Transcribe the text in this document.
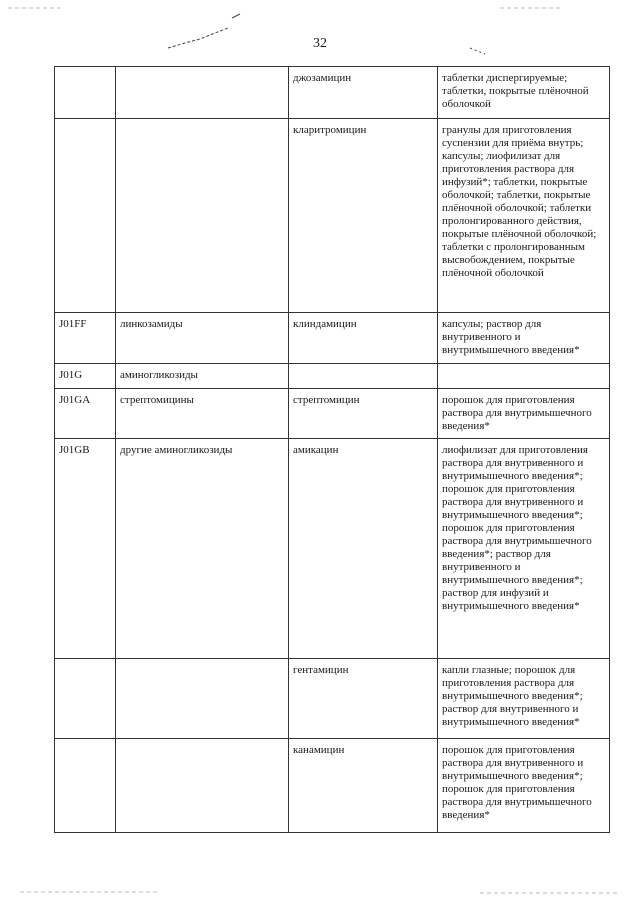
32
		джозамицин	таблетки диспергируемые; таблетки, покрытые плёночной оболочкой
		кларитромицин	гранулы для приготовления суспензии для приёма внутрь; капсулы; лиофилизат для приготовления раствора для инфузий*; таблетки, покрытые оболочкой; таблетки, покрытые плёночной оболочкой; таблетки пролонгированного действия, покрытые плёночной оболочкой; таблетки с пролонгированным высвобождением, покрытые плёночной оболочкой
J01FF	линкозамиды	клиндамицин	капсулы; раствор для внутривенного и внутримышечного введения*
J01G	аминогликозиды		
J01GA	стрептомицины	стрептомицин	порошок для приготовления раствора для внутримышечного введения*
J01GB	другие аминогликозиды	амикацин	лиофилизат для приготовления раствора для внутривенного и внутримышечного введения*; порошок для приготовления раствора для внутривенного и внутримышечного введения*; порошок для приготовления раствора для внутримышечного введения*; раствор для внутривенного и внутримышечного введения*; раствор для инфузий и внутримышечного введения*
		гентамицин	капли глазные; порошок для приготовления раствора для внутримышечного введения*; раствор для внутривенного и внутримышечного введения*
		канамицин	порошок для приготовления раствора для внутривенного и внутримышечного введения*; порошок для приготовления раствора для внутримышечного введения*
